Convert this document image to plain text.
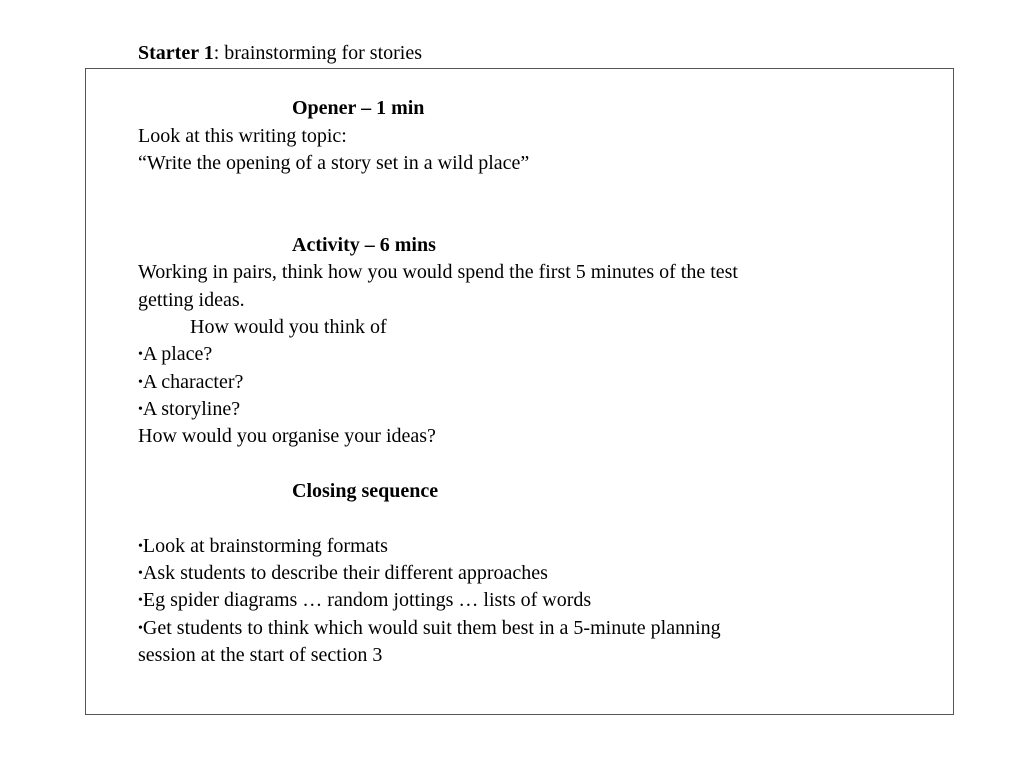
Starter 1: brainstorming for stories
Opener – 1 min
Look at this writing topic:
“Write the opening of a story set in a wild place”
Activity – 6 mins
Working in pairs, think how you would spend the first 5 minutes of the test
getting ideas.
How would you think of
•A place?
•A character?
•A storyline?
How would you organise your ideas?
Closing sequence
•Look at brainstorming formats
•Ask students to describe their different approaches
•Eg spider diagrams … random jottings … lists of words
•Get students to think which would suit them best in a 5-minute planning
session at the start of section 3
